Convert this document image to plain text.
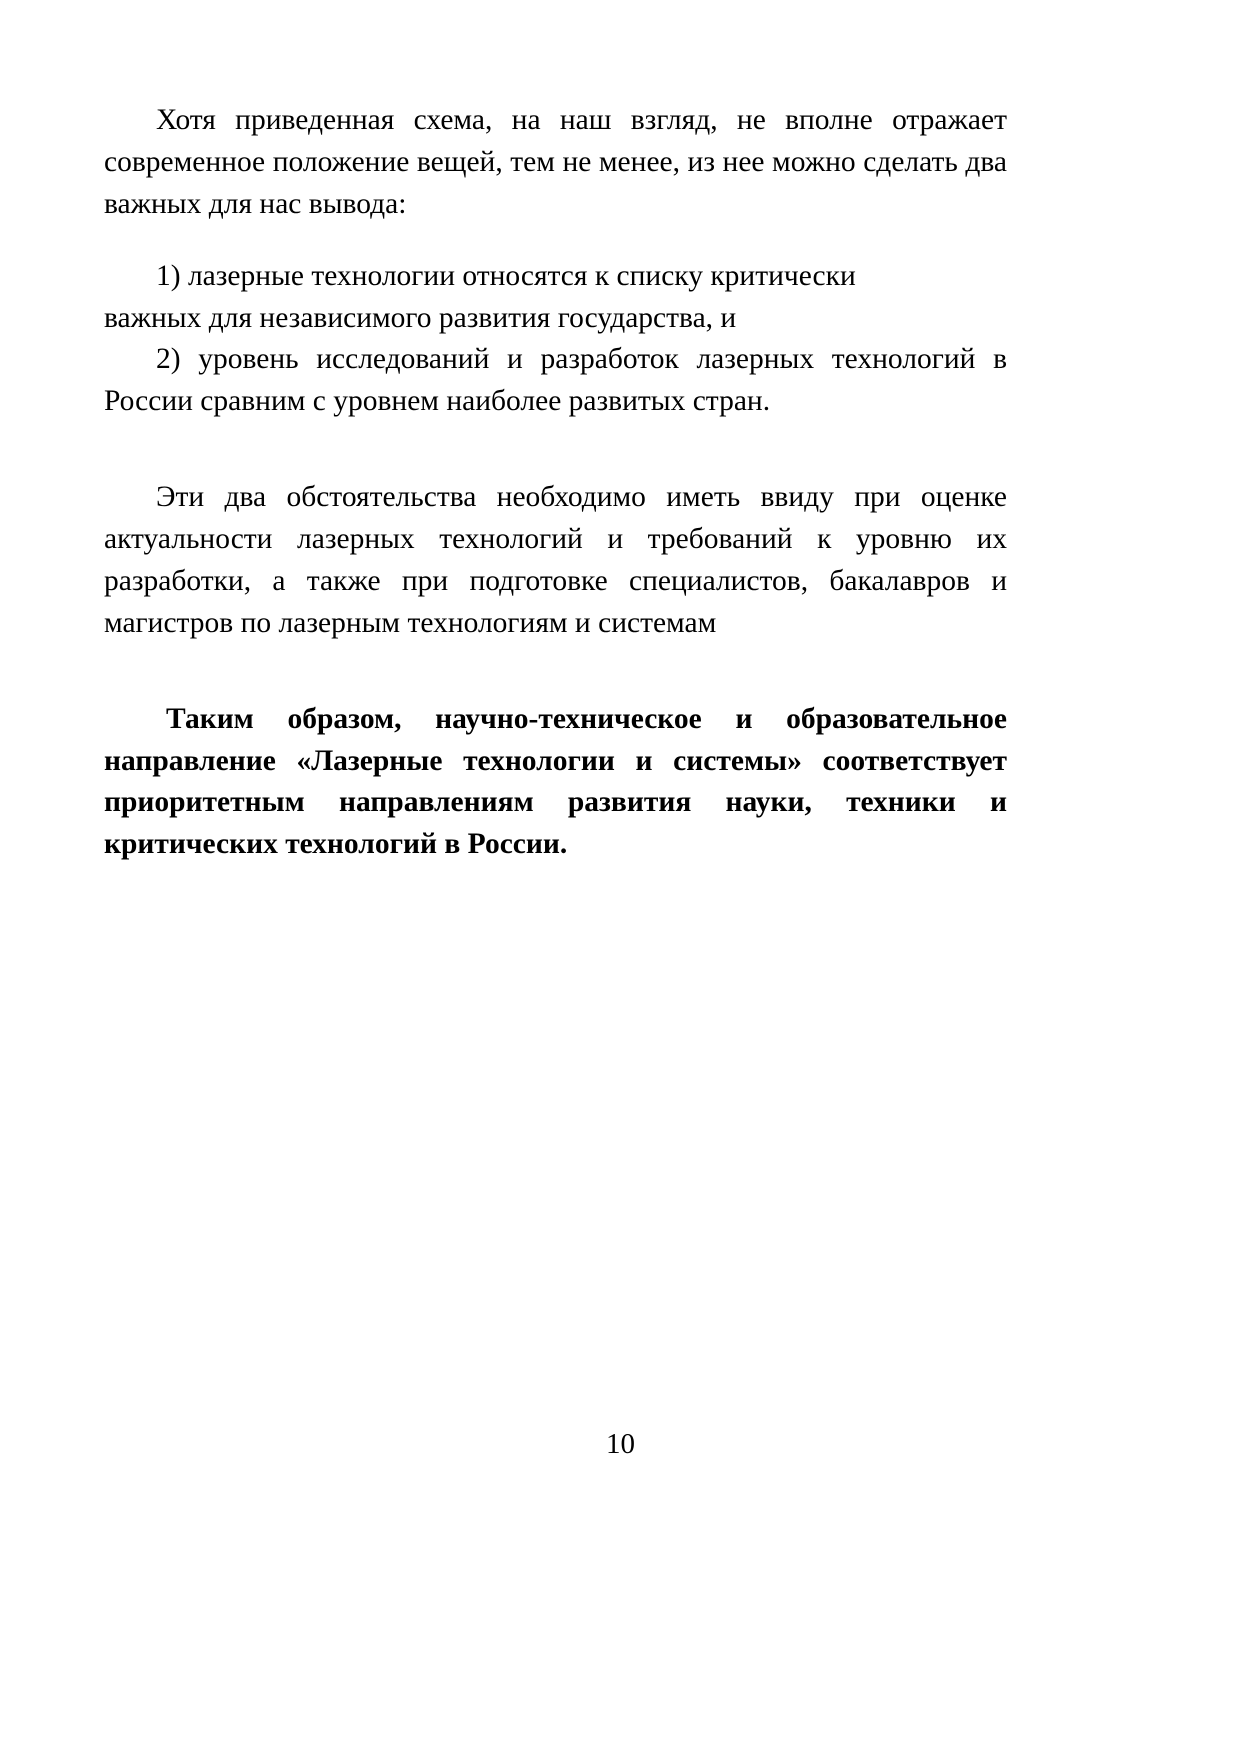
Хотя приведенная схема, на наш взгляд, не вполне отражает современное положение вещей, тем не менее, из нее можно сделать два важных для нас вывода:

1) лазерные технологии относятся к списку критически

важных для независимого развития государства, и

2) уровень исследований и разработок лазерных технологий в России сравним с уровнем наиболее развитых стран.

Эти два обстоятельства необходимо иметь ввиду при оценке актуальности лазерных технологий и требований к уровню их разработки, а также при подготовке специалистов, бакалавров и магистров по лазерным технологиям и системам

Таким образом, научно-техническое и образовательное направление «Лазерные технологии и системы» соответствует приоритетным направлениям развития науки, техники и критических технологий в России.

10
